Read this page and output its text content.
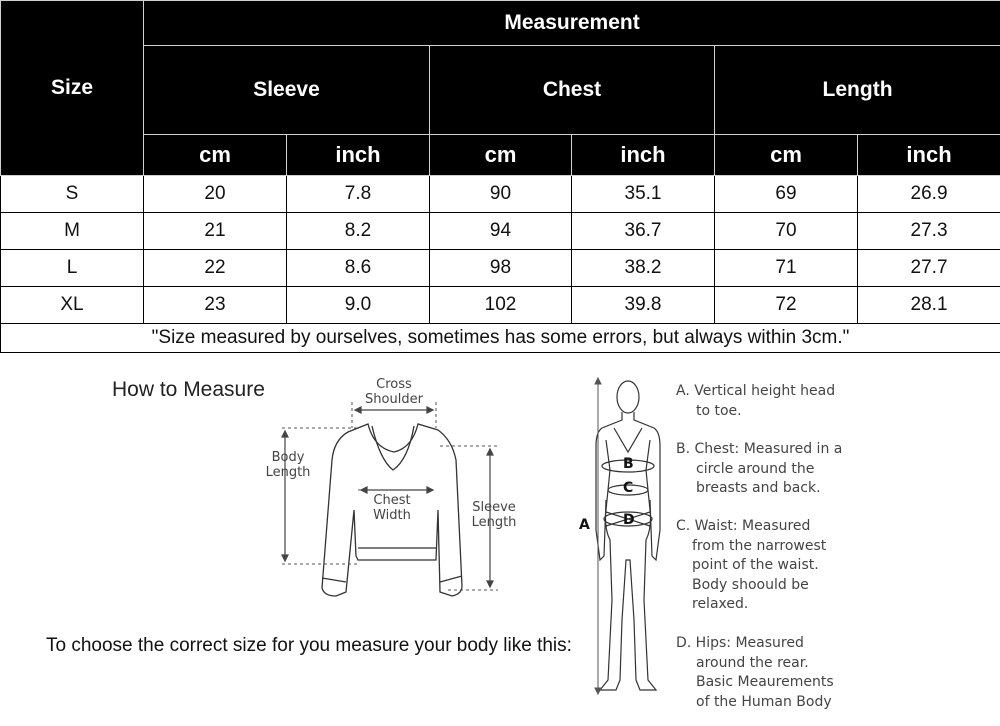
Size	Measurement					
	Sleeve		Chest		Length	
	cm	inch	cm	inch	cm	inch
S	20	7.8	90	35.1	69	26.9
M	21	8.2	94	36.7	70	27.3
L	22	8.6	98	38.2	71	27.7
XL	23	9.0	102	39.8	72	28.1
"Size measured by ourselves, sometimes has some errors, but always within 3cm."						
How to Measure	Cross
Shoulder
Body
Length
Chest
Width
Sleeve
Length
To choose the correct size for you measure your body like this:
A
B
C
D
A. Vertical height head
to toe.
B. Chest: Measured in a
circle around the
breasts and back.
C. Waist: Measured
from the narrowest
point of the waist.
Body shoould be
relaxed.
D. Hips: Measured
around the rear.
Basic Meaurements
of the Human Body
